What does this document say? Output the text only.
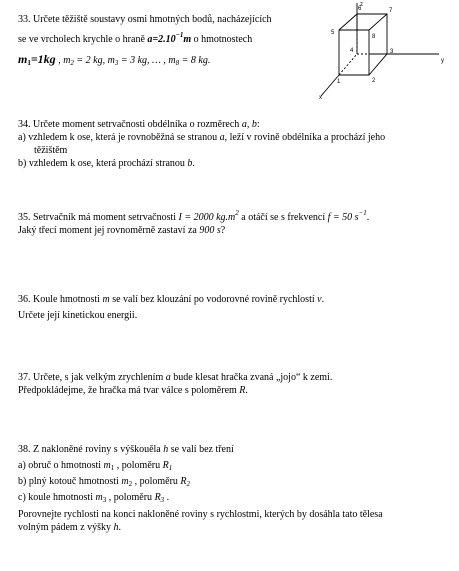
33. Určete těžiště soustavy osmi hmotných bodů, nacházejících
se ve vrcholech krychle o hraně $a=2.10^{-1}m$ o hmotnostech
$m_1=1kg$ , $m_2 = 2$ kg, $m_3 = 3$ kg, … , $m_8 = 8$ kg.
1	2
3
4
5
6	7
8
x
y
z
34. Určete moment setrvačnosti obdélníka o rozměrech a, b:
a) vzhledem k ose, která je rovnoběžná se stranou a, leží v rovině obdélníka a prochází jeho
těžištěm
b) vzhledem k ose, která prochází stranou b.
35. Setrvačník má moment setrvačnosti I = 2000 $kg.m^2$ a otáčí se s frekvencí f = 50 $s^{-1}$.
Jaký třecí moment jej rovnoměrně zastaví za 900 s?
36. Koule hmotnosti m se valí bez klouzání po vodorovné rovině rychlostí v.
Určete její kinetickou energii.
37. Určete, s jak velkým zrychlením a bude klesat hračka zvaná „jojo“ k zemi.
Předpokládejme, že hračka má tvar válce s poloměrem R.
38. Z nakloněné roviny s výškouěla h se valí bez tření
a) obruč o hmotnosti $m_1$ , poloměru $R_1$
b) plný kotouč hmotnosti $m_2$ , poloměru $R_2$
c) koule hmotnosti $m_3$ , poloměru $R_3$ .
Porovnejte rychlosti na konci nakloněné roviny s rychlostmi, kterých by dosáhla tato tělesa
volným pádem z výšky h.
